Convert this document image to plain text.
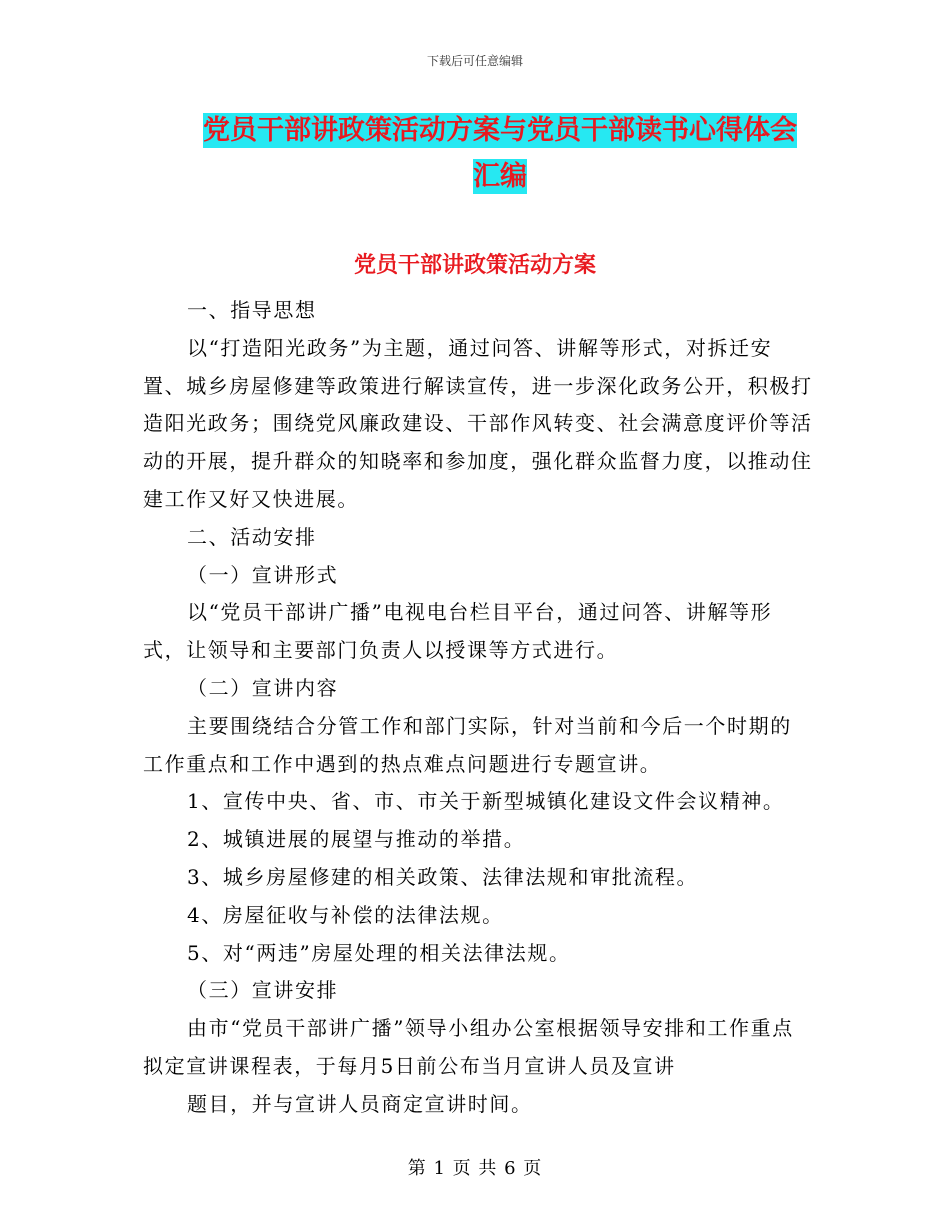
下载后可任意编辑
党员干部讲政策活动方案与党员干部读书心得体会汇编
党员干部讲政策活动方案

一、指导思想

以“打造阳光政务”为主题，通过问答、讲解等形式，对拆迁安置、城乡房屋修建等政策进行解读宣传，进一步深化政务公开，积极打造阳光政务；围绕党风廉政建设、干部作风转变、社会满意度评价等活动的开展，提升群众的知晓率和参加度，强化群众监督力度，以推动住建工作又好又快进展。

二、活动安排

（一）宣讲形式

以“党员干部讲广播”电视电台栏目平台，通过问答、讲解等形式，让领导和主要部门负责人以授课等方式进行。

（二）宣讲内容

主要围绕结合分管工作和部门实际，针对当前和今后一个时期的工作重点和工作中遇到的热点难点问题进行专题宣讲。

1、宣传中央、省、市、市关于新型城镇化建设文件会议精神。

2、城镇进展的展望与推动的举措。

3、城乡房屋修建的相关政策、法律法规和审批流程。

4、房屋征收与补偿的法律法规。

5、对“两违”房屋处理的相关法律法规。

（三）宣讲安排

由市“党员干部讲广播”领导小组办公室根据领导安排和工作重点拟定宣讲课程表，于每月5日前公布当月宣讲人员及宣讲

题目，并与宣讲人员商定宣讲时间。

第 1 页 共 6 页
